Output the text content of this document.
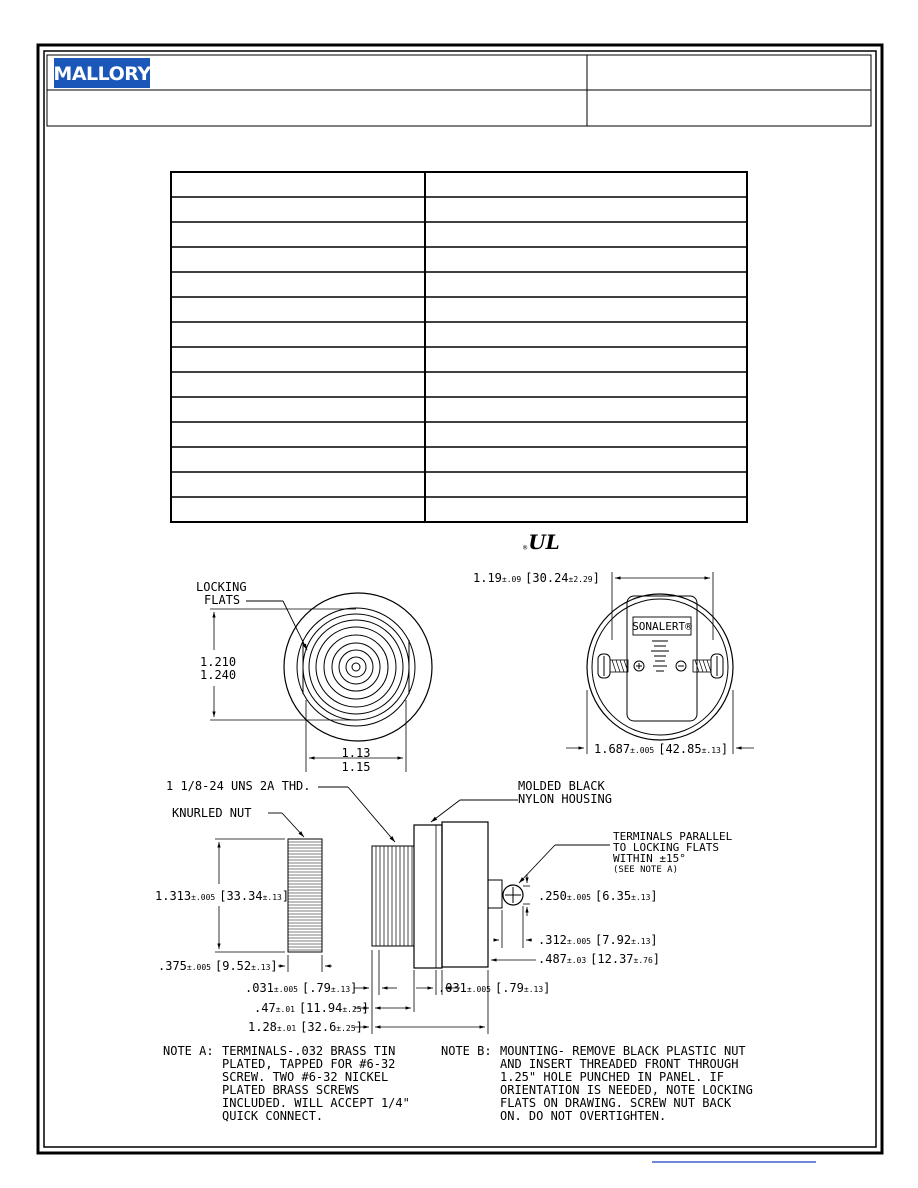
MALLORY
® UL
LOCKING
FLATS
1.210
1.240
1.13
1.15
SONALERT®
1.19±.09 [30.24±2.29]
1.687±.005 [42.85±.13]
1 1/8-24 UNS 2A THD.	MOLDED BLACK
NYLON HOUSING
KNURLED NUT
TERMINALS PARALLEL
TO LOCKING FLATS
WITHIN ±15°
(SEE NOTE A)
1.313±.005 [33.34±.13]
.375±.005 [9.52±.13]
.250±.005 [6.35±.13]
.312±.005 [7.92±.13]
.487±.03 [12.37±.76]
.031±.005 [.79±.13]	.031±.005 [.79±.13]
.47±.01 [11.94±.25]
1.28±.01 [32.6±.25]
NOTE A: TERMINALS-.032 BRASS TIN
PLATED, TAPPED FOR #6-32
SCREW. TWO #6-32 NICKEL
PLATED BRASS SCREWS
INCLUDED. WILL ACCEPT 1/4"
QUICK CONNECT.
NOTE B: MOUNTING- REMOVE BLACK PLASTIC NUT
AND INSERT THREADED FRONT THROUGH
1.25" HOLE PUNCHED IN PANEL. IF
ORIENTATION IS NEEDED, NOTE LOCKING
FLATS ON DRAWING. SCREW NUT BACK
ON. DO NOT OVERTIGHTEN.
